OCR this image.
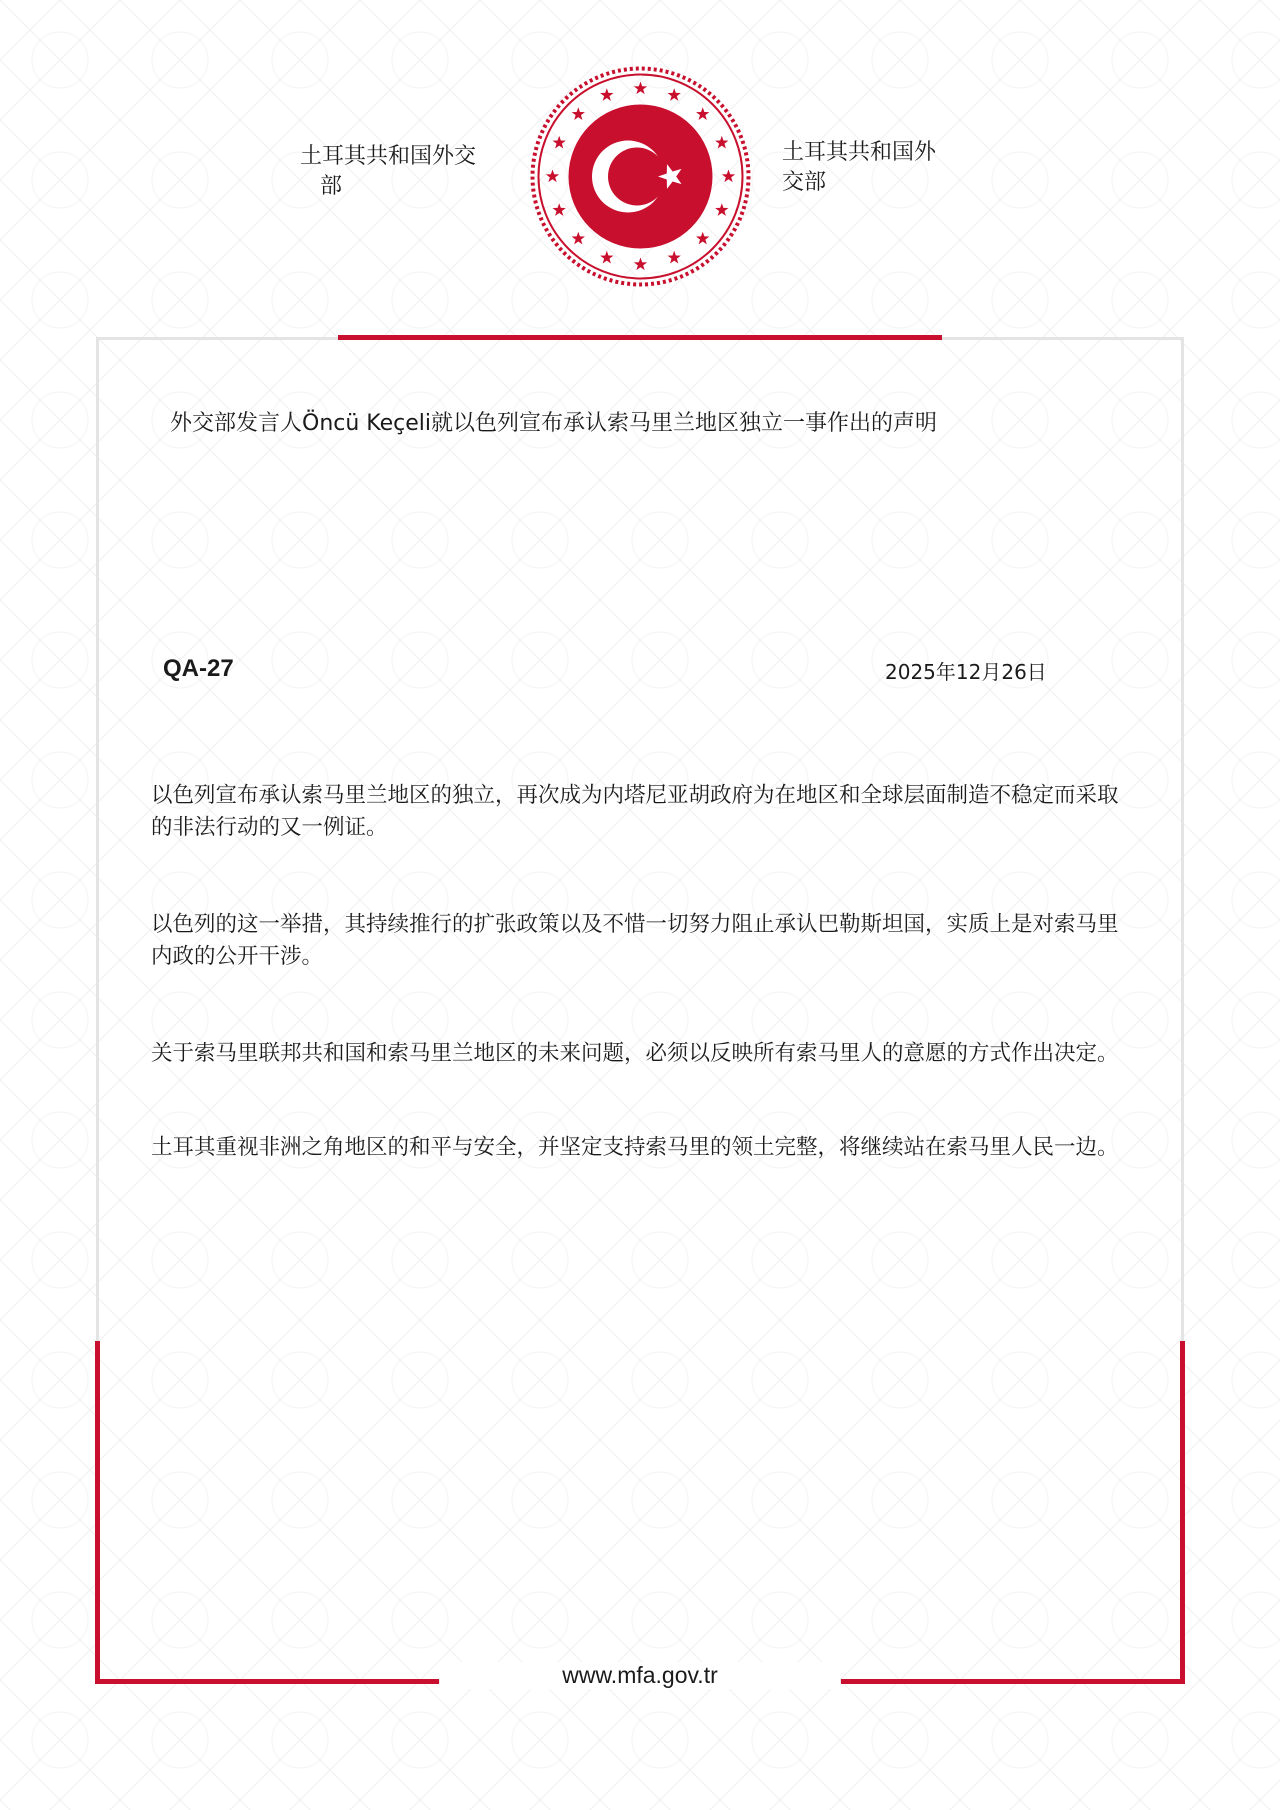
土耳其共和国外交
部
土耳其共和国外
交部
外交部发言人Öncü Keçeli就以色列宣布承认索马里兰地区独立一事作出的声明
QA-27	2025年12月26日

以色列宣布承认索马里兰地区的独立，再次成为内塔尼亚胡政府为在地区和全球层面制造不稳定而采取的非法行动的又一例证。

以色列的这一举措，其持续推行的扩张政策以及不惜一切努力阻止承认巴勒斯坦国，实质上是对索马里内政的公开干涉。

关于索马里联邦共和国和索马里兰地区的未来问题，必须以反映所有索马里人的意愿的方式作出决定。

土耳其重视非洲之角地区的和平与安全，并坚定支持索马里的领土完整，将继续站在索马里人民一边。

www.mfa.gov.tr
